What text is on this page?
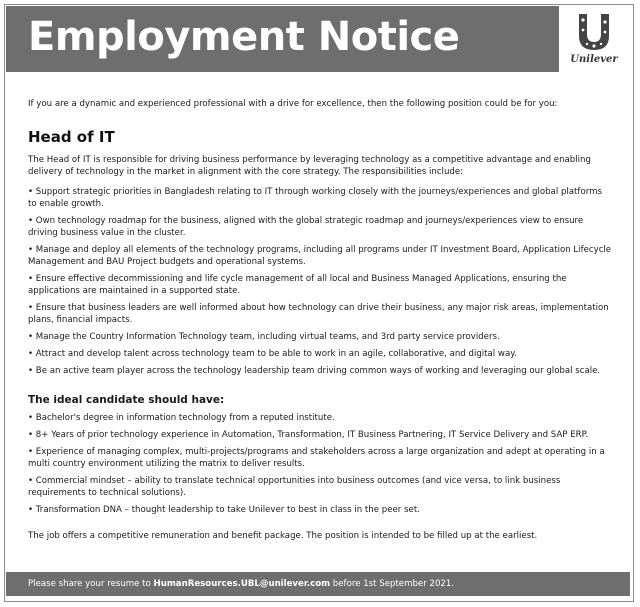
Employment Notice	Unilever

If you are a dynamic and experienced professional with a drive for excellence, then the following position could be for you:

Head of IT

The Head of IT is responsible for driving business performance by leveraging technology as a competitive advantage and enabling delivery of technology in the market in alignment with the core strategy. The responsibilities include:

• Support strategic priorities in Bangladesh relating to IT through working closely with the journeys/experiences and global platforms to enable growth.
• Own technology roadmap for the business, aligned with the global strategic roadmap and journeys/experiences view to ensure driving business value in the cluster.
• Manage and deploy all elements of the technology programs, including all programs under IT Investment Board, Application Lifecycle Management and BAU Project budgets and operational systems.
• Ensure effective decommissioning and life cycle management of all local and Business Managed Applications, ensuring the applications are maintained in a supported state.
• Ensure that business leaders are well informed about how technology can drive their business, any major risk areas, implementation plans, financial impacts.
• Manage the Country Information Technology team, including virtual teams, and 3rd party service providers.
• Attract and develop talent across technology team to be able to work in an agile, collaborative, and digital way.
• Be an active team player across the technology leadership team driving common ways of working and leveraging our global scale.
The ideal candidate should have:
• Bachelor's degree in information technology from a reputed institute.
• 8+ Years of prior technology experience in Automation, Transformation, IT Business Partnering, IT Service Delivery and SAP ERP.
• Experience of managing complex, multi-projects/programs and stakeholders across a large organization and adept at operating in a multi country environment utilizing the matrix to deliver results.
• Commercial mindset – ability to translate technical opportunities into business outcomes (and vice versa, to link business requirements to technical solutions).
• Transformation DNA – thought leadership to take Unilever to best in class in the peer set.

The job offers a competitive remuneration and benefit package. The position is intended to be filled up at the earliest.

Please share your resume to HumanResources.UBL@unilever.com before 1st September 2021.
